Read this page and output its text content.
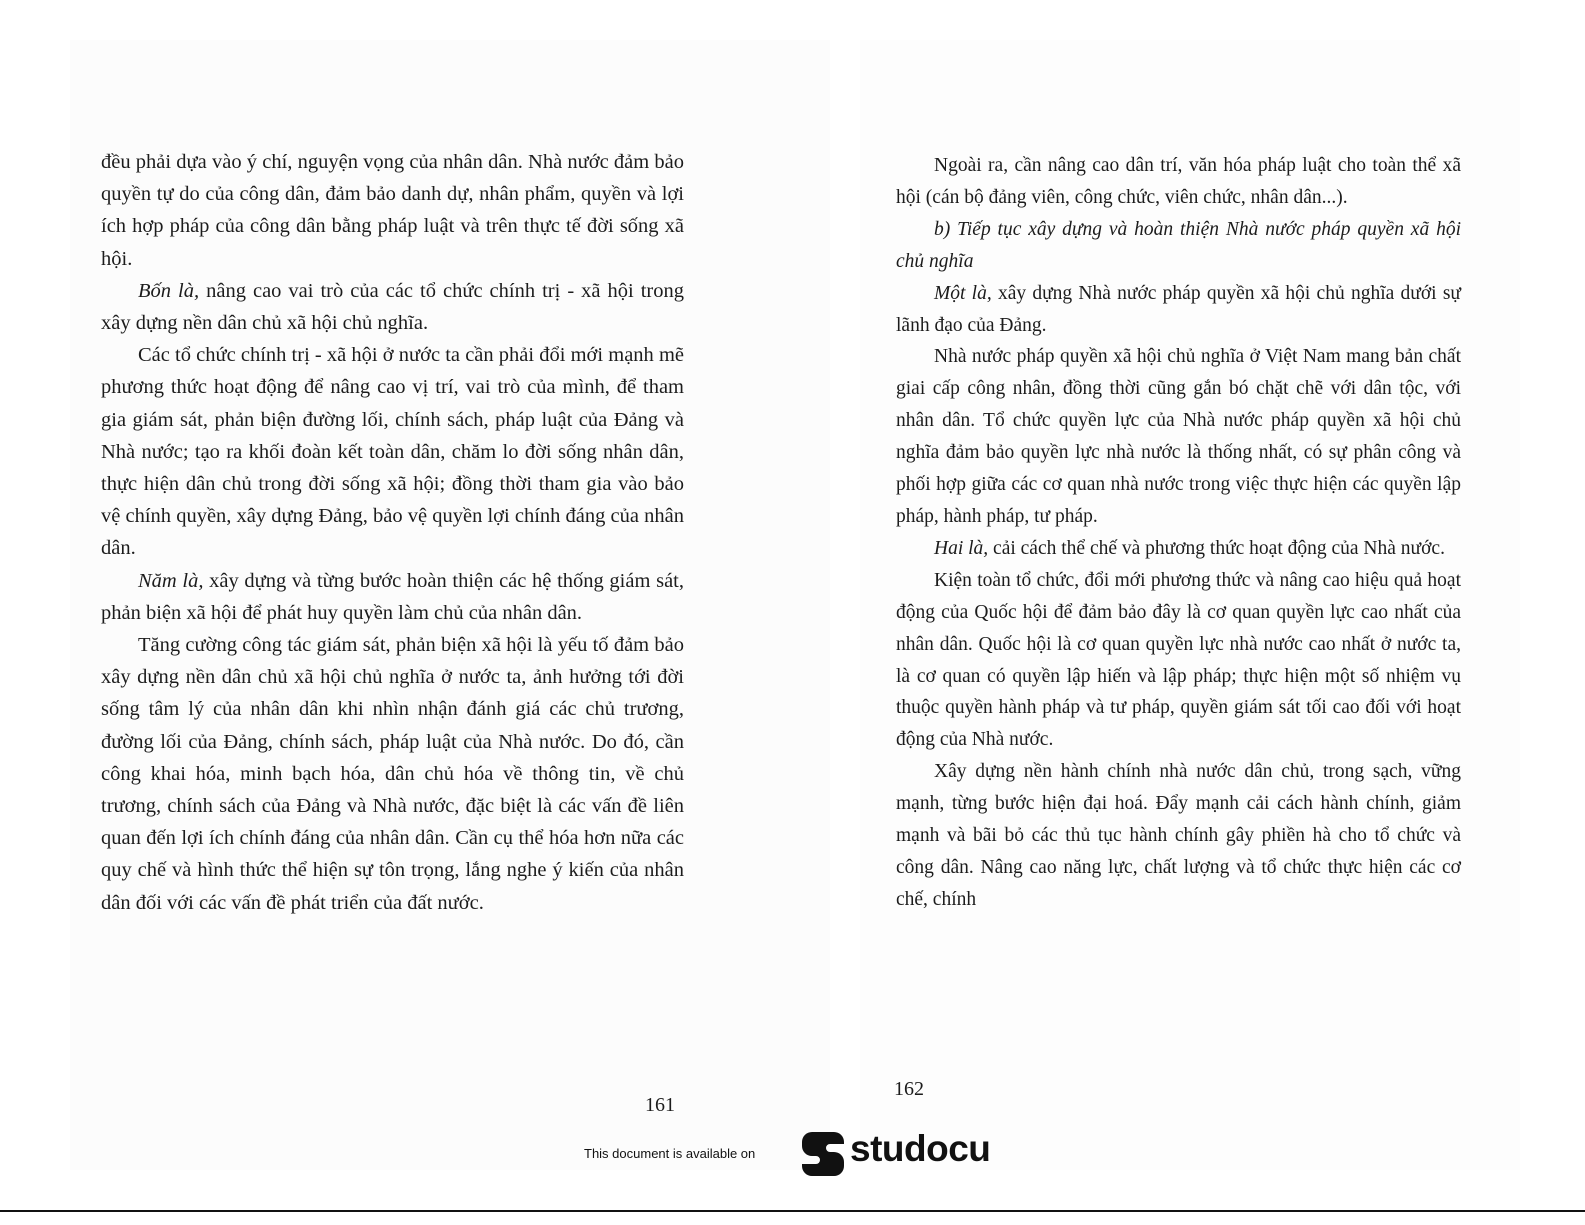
đều phải dựa vào ý chí, nguyện vọng của nhân dân. Nhà nước đảm bảo quyền tự do của công dân, đảm bảo danh dự, nhân phẩm, quyền và lợi ích hợp pháp của công dân bằng pháp luật và trên thực tế đời sống xã hội.

Bốn là, nâng cao vai trò của các tổ chức chính trị - xã hội trong xây dựng nền dân chủ xã hội chủ nghĩa.

Các tổ chức chính trị - xã hội ở nước ta cần phải đổi mới mạnh mẽ phương thức hoạt động để nâng cao vị trí, vai trò của mình, để tham gia giám sát, phản biện đường lối, chính sách, pháp luật của Đảng và Nhà nước; tạo ra khối đoàn kết toàn dân, chăm lo đời sống nhân dân, thực hiện dân chủ trong đời sống xã hội; đồng thời tham gia vào bảo vệ chính quyền, xây dựng Đảng, bảo vệ quyền lợi chính đáng của nhân dân.

Năm là, xây dựng và từng bước hoàn thiện các hệ thống giám sát, phản biện xã hội để phát huy quyền làm chủ của nhân dân.

Tăng cường công tác giám sát, phản biện xã hội là yếu tố đảm bảo xây dựng nền dân chủ xã hội chủ nghĩa ở nước ta, ảnh hưởng tới đời sống tâm lý của nhân dân khi nhìn nhận đánh giá các chủ trương, đường lối của Đảng, chính sách, pháp luật của Nhà nước. Do đó, cần công khai hóa, minh bạch hóa, dân chủ hóa về thông tin, về chủ trương, chính sách của Đảng và Nhà nước, đặc biệt là các vấn đề liên quan đến lợi ích chính đáng của nhân dân. Cần cụ thể hóa hơn nữa các quy chế và hình thức thể hiện sự tôn trọng, lắng nghe ý kiến của nhân dân đối với các vấn đề phát triển của đất nước.

161

Ngoài ra, cần nâng cao dân trí, văn hóa pháp luật cho toàn thể xã hội (cán bộ đảng viên, công chức, viên chức, nhân dân...).

b) Tiếp tục xây dựng và hoàn thiện Nhà nước pháp quyền xã hội chủ nghĩa

Một là, xây dựng Nhà nước pháp quyền xã hội chủ nghĩa dưới sự lãnh đạo của Đảng.

Nhà nước pháp quyền xã hội chủ nghĩa ở Việt Nam mang bản chất giai cấp công nhân, đồng thời cũng gắn bó chặt chẽ với dân tộc, với nhân dân. Tổ chức quyền lực của Nhà nước pháp quyền xã hội chủ nghĩa đảm bảo quyền lực nhà nước là thống nhất, có sự phân công và phối hợp giữa các cơ quan nhà nước trong việc thực hiện các quyền lập pháp, hành pháp, tư pháp.

Hai là, cải cách thể chế và phương thức hoạt động của Nhà nước.

Kiện toàn tổ chức, đổi mới phương thức và nâng cao hiệu quả hoạt động của Quốc hội để đảm bảo đây là cơ quan quyền lực cao nhất của nhân dân. Quốc hội là cơ quan quyền lực nhà nước cao nhất ở nước ta, là cơ quan có quyền lập hiến và lập pháp; thực hiện một số nhiệm vụ thuộc quyền hành pháp và tư pháp, quyền giám sát tối cao đối với hoạt động của Nhà nước.

Xây dựng nền hành chính nhà nước dân chủ, trong sạch, vững mạnh, từng bước hiện đại hoá. Đẩy mạnh cải cách hành chính, giảm mạnh và bãi bỏ các thủ tục hành chính gây phiền hà cho tổ chức và công dân. Nâng cao năng lực, chất lượng và tổ chức thực hiện các cơ chế, chính

162
This document is available on	studocu
